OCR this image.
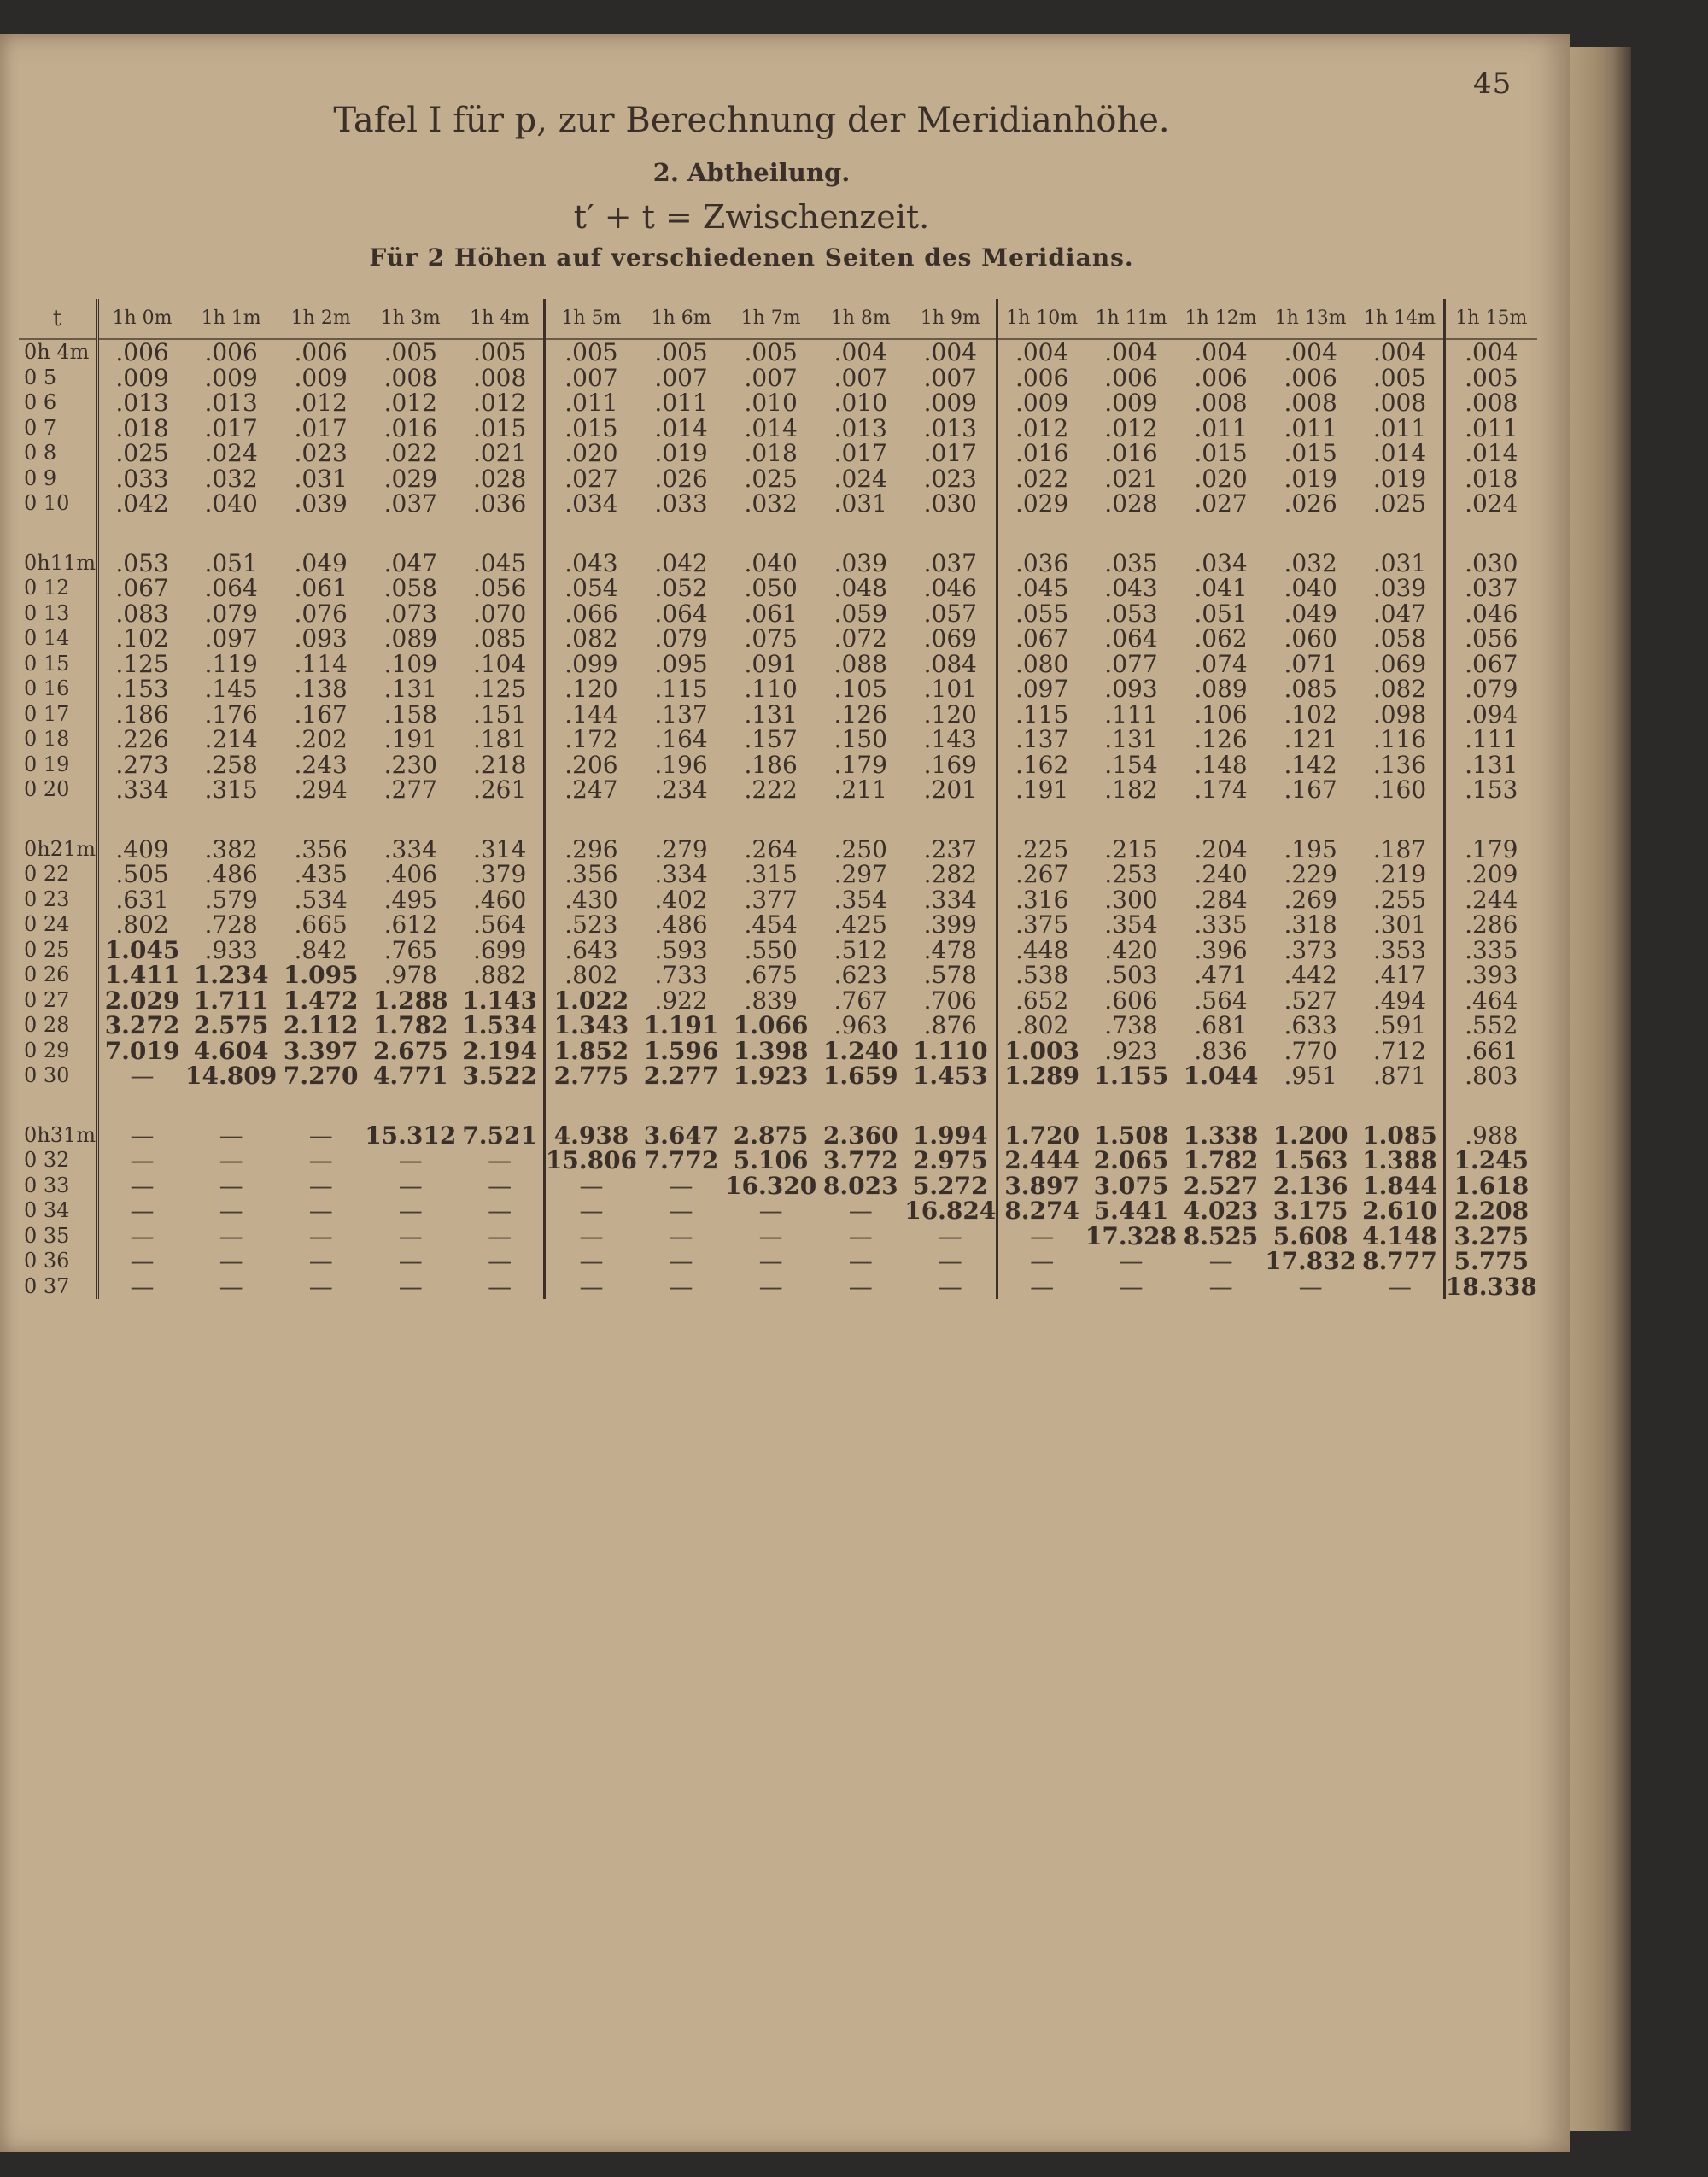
45
Tafel I für p, zur Berechnung der Meridianhöhe.
2. Abtheilung.
t′ + t = Zwischenzeit.
Für 2 Höhen auf verschiedenen Seiten des Meridians.
t	1h 0m	1h 1m	1h 2m	1h 3m	1h 4m	1h 5m	1h 6m	1h 7m	1h 8m	1h 9m	1h 10m	1h 11m	1h 12m	1h 13m	1h 14m	1h 15m
0h 4m	.006	.006	.006	.005	.005	.005	.005	.005	.004	.004	.004	.004	.004	.004	.004	.004
0 5	.009	.009	.009	.008	.008	.007	.007	.007	.007	.007	.006	.006	.006	.006	.005	.005
0 6	.013	.013	.012	.012	.012	.011	.011	.010	.010	.009	.009	.009	.008	.008	.008	.008
0 7	.018	.017	.017	.016	.015	.015	.014	.014	.013	.013	.012	.012	.011	.011	.011	.011
0 8	.025	.024	.023	.022	.021	.020	.019	.018	.017	.017	.016	.016	.015	.015	.014	.014
0 9	.033	.032	.031	.029	.028	.027	.026	.025	.024	.023	.022	.021	.020	.019	.019	.018
0 10	.042	.040	.039	.037	.036	.034	.033	.032	.031	.030	.029	.028	.027	.026	.025	.024

0h11m	.053	.051	.049	.047	.045	.043	.042	.040	.039	.037	.036	.035	.034	.032	.031	.030
0 12	.067	.064	.061	.058	.056	.054	.052	.050	.048	.046	.045	.043	.041	.040	.039	.037
0 13	.083	.079	.076	.073	.070	.066	.064	.061	.059	.057	.055	.053	.051	.049	.047	.046
0 14	.102	.097	.093	.089	.085	.082	.079	.075	.072	.069	.067	.064	.062	.060	.058	.056
0 15	.125	.119	.114	.109	.104	.099	.095	.091	.088	.084	.080	.077	.074	.071	.069	.067
0 16	.153	.145	.138	.131	.125	.120	.115	.110	.105	.101	.097	.093	.089	.085	.082	.079
0 17	.186	.176	.167	.158	.151	.144	.137	.131	.126	.120	.115	.111	.106	.102	.098	.094
0 18	.226	.214	.202	.191	.181	.172	.164	.157	.150	.143	.137	.131	.126	.121	.116	.111
0 19	.273	.258	.243	.230	.218	.206	.196	.186	.179	.169	.162	.154	.148	.142	.136	.131
0 20	.334	.315	.294	.277	.261	.247	.234	.222	.211	.201	.191	.182	.174	.167	.160	.153

0h21m	.409	.382	.356	.334	.314	.296	.279	.264	.250	.237	.225	.215	.204	.195	.187	.179
0 22	.505	.486	.435	.406	.379	.356	.334	.315	.297	.282	.267	.253	.240	.229	.219	.209
0 23	.631	.579	.534	.495	.460	.430	.402	.377	.354	.334	.316	.300	.284	.269	.255	.244
0 24	.802	.728	.665	.612	.564	.523	.486	.454	.425	.399	.375	.354	.335	.318	.301	.286
0 25	1.045	.933	.842	.765	.699	.643	.593	.550	.512	.478	.448	.420	.396	.373	.353	.335
0 26	1.411	1.234	1.095	.978	.882	.802	.733	.675	.623	.578	.538	.503	.471	.442	.417	.393
0 27	2.029	1.711	1.472	1.288	1.143	1.022	.922	.839	.767	.706	.652	.606	.564	.527	.494	.464
0 28	3.272	2.575	2.112	1.782	1.534	1.343	1.191	1.066	.963	.876	.802	.738	.681	.633	.591	.552
0 29	7.019	4.604	3.397	2.675	2.194	1.852	1.596	1.398	1.240	1.110	1.003	.923	.836	.770	.712	.661
0 30	—	14.809	7.270	4.771	3.522	2.775	2.277	1.923	1.659	1.453	1.289	1.155	1.044	.951	.871	.803

0h31m	—	—	—	15.312	7.521	4.938	3.647	2.875	2.360	1.994	1.720	1.508	1.338	1.200	1.085	.988
0 32	—	—	—	—	—	15.806	7.772	5.106	3.772	2.975	2.444	2.065	1.782	1.563	1.388	1.245
0 33	—	—	—	—	—	—	—	16.320	8.023	5.272	3.897	3.075	2.527	2.136	1.844	1.618
0 34	—	—	—	—	—	—	—	—	—	16.824	8.274	5.441	4.023	3.175	2.610	2.208
0 35	—	—	—	—	—	—	—	—	—	—	—	17.328	8.525	5.608	4.148	3.275
0 36	—	—	—	—	—	—	—	—	—	—	—	—	—	17.832	8.777	5.775
0 37	—	—	—	—	—	—	—	—	—	—	—	—	—	—	—	18.338
